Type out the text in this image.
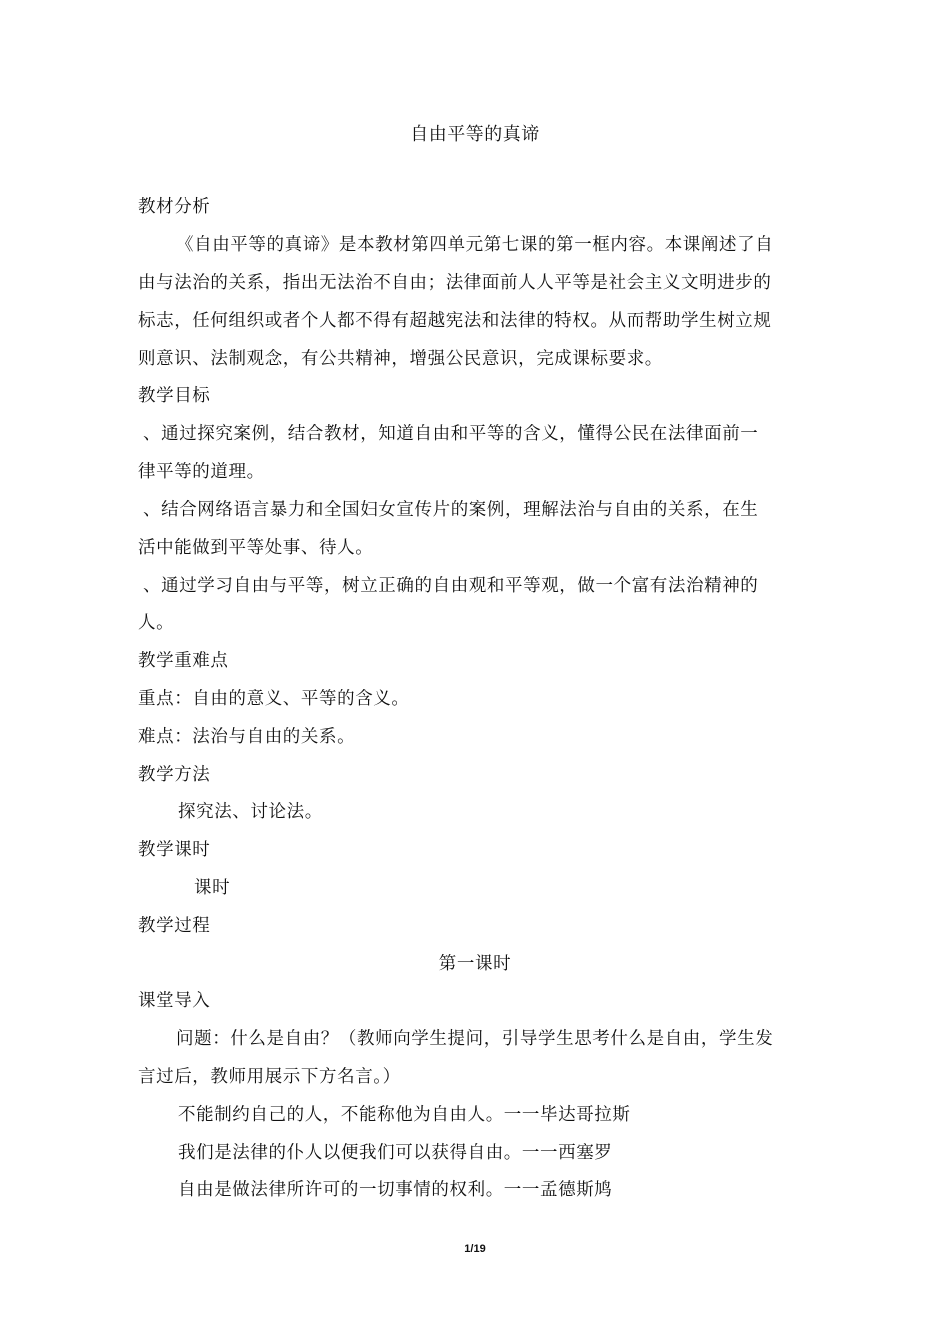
自由平等的真谛
教材分析
《自由平等的真谛》是本教材第四单元第七课的第一框内容。本课阐述了自
由与法治的关系，指出无法治不自由；法律面前人人平等是社会主义文明进步的
标志，任何组织或者个人都不得有超越宪法和法律的特权。从而帮助学生树立规
则意识、法制观念，有公共精神，增强公民意识，完成课标要求。
教学目标
、通过探究案例，结合教材，知道自由和平等的含义，懂得公民在法律面前一
律平等的道理。
、结合网络语言暴力和全国妇女宣传片的案例，理解法治与自由的关系，在生
活中能做到平等处事、待人。
、通过学习自由与平等，树立正确的自由观和平等观，做一个富有法治精神的
人。
教学重难点
重点：自由的意义、平等的含义。
难点：法治与自由的关系。
教学方法
探究法、讨论法。
教学课时
课时
教学过程
第一课时
课堂导入
问题：什么是自由？（教师向学生提问，引导学生思考什么是自由，学生发
言过后，教师用展示下方名言。）
不能制约自己的人，不能称他为自由人。一一毕达哥拉斯
我们是法律的仆人以便我们可以获得自由。一一西塞罗
自由是做法律所许可的一切事情的权利。一一孟德斯鸠
1/19
